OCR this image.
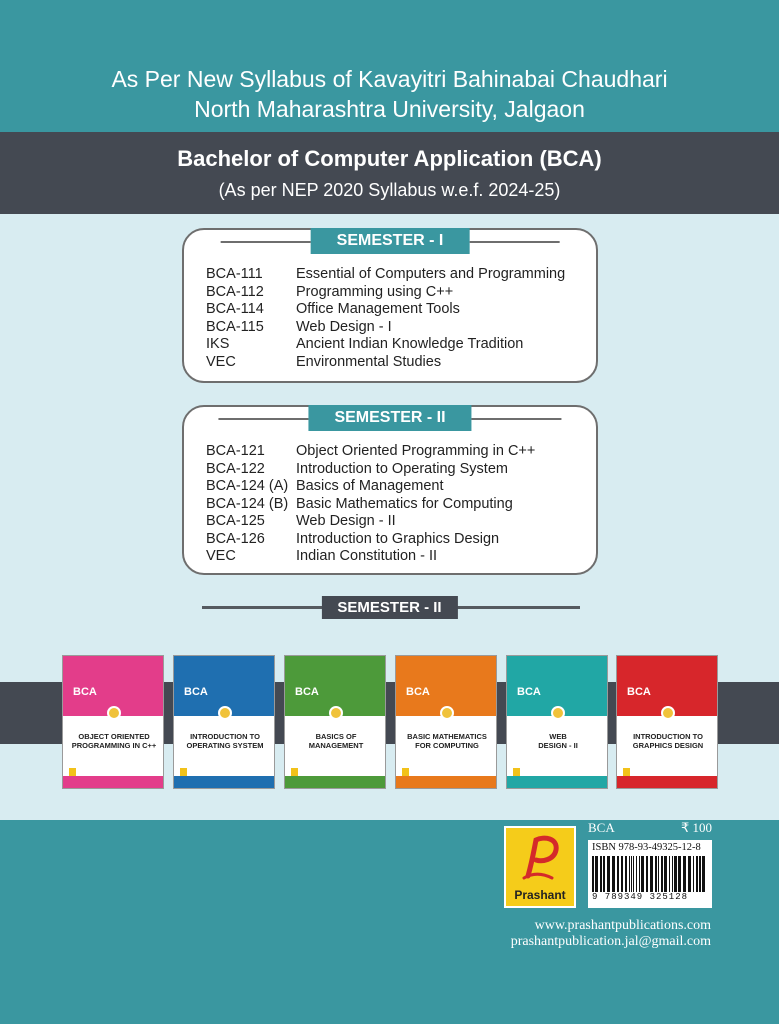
As Per New Syllabus of Kavayitri Bahinabai Chaudhari
North Maharashtra University, Jalgaon
Bachelor of Computer Application (BCA)
(As per NEP 2020 Syllabus w.e.f. 2024-25)
SEMESTER - I
BCA-111	Essential of Computers and Programming
BCA-112	Programming using C++
BCA-114	Office Management Tools
BCA-115	Web Design - I
IKS	Ancient Indian Knowledge Tradition
VEC	Environmental Studies
SEMESTER - II
BCA-121	Object Oriented Programming in C++
BCA-122	Introduction to Operating System
BCA-124 (A) Basics of Management
BCA-124 (B) Basic Mathematics for Computing
BCA-125	Web Design - II
BCA-126	Introduction to Graphics Design
VEC	Indian Constitution - II
SEMESTER - II
BCA
OBJECT ORIENTED
PROGRAMMING IN C++
BCA
INTRODUCTION TO
OPERATING SYSTEM
BCA
BASICS OF
MANAGEMENT
BCA
BASIC MATHEMATICS
FOR COMPUTING
BCA
WEB
DESIGN - II
BCA
INTRODUCTION TO
GRAPHICS DESIGN
Prashant
BCA	₹ 100
ISBN 978-93-49325-12-8
9 789349 325128
www.prashantpublications.com
prashantpublication.jal@gmail.com
